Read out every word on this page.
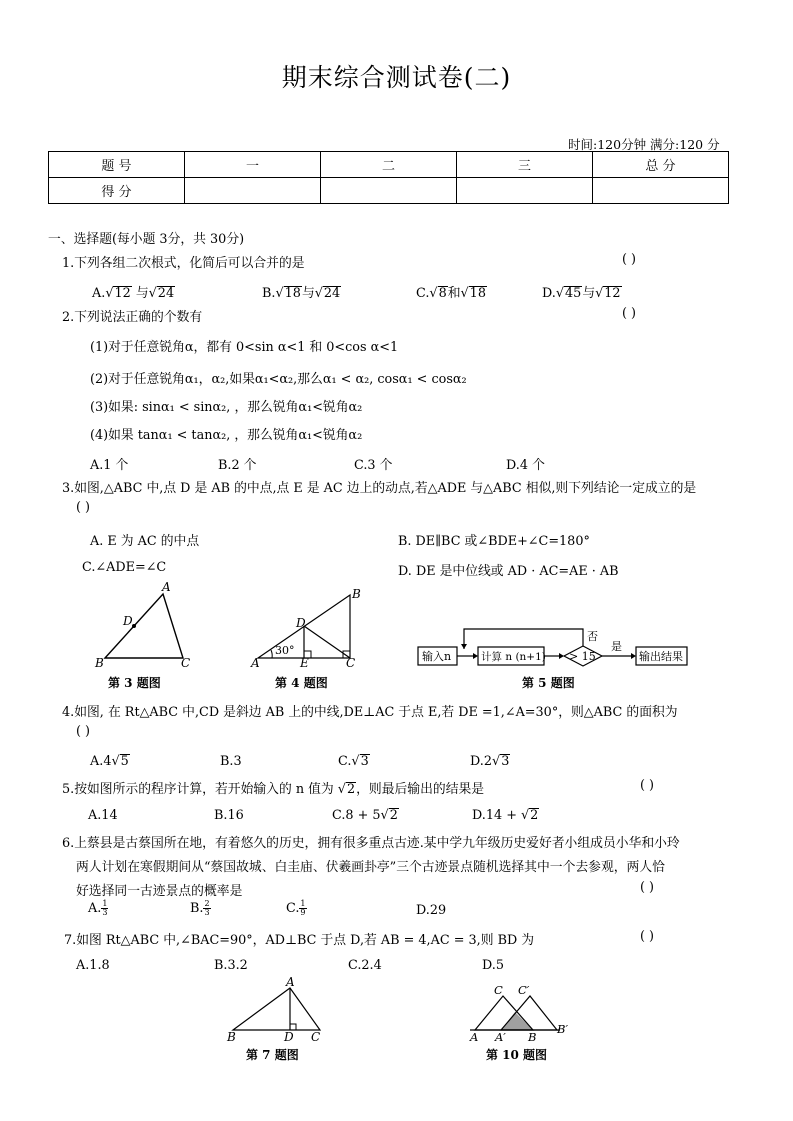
期末综合测试卷(二)
时间:120分钟 满分:120 分
题 号	一	二	三	总 分
得 分				
一、选择题(每小题 3分，共 30分)
1.下列各组二次根式，化简后可以合并的是	( )
A.√12 与√24	B.√18与√24	C.√8和√18	D.√45与√12
2.下列说法正确的个数有	( )
(1)对于任意锐角α，都有 0<sin α<1 和 0<cos α<1
(2)对于任意锐角α₁，α₂,如果α₁<α₂,那么α₁ < α₂, cosα₁ < cosα₂
(3)如果: sinα₁ < sinα₂, ，那么锐角α₁<锐角α₂
(4)如果 tanα₁ < tanα₂, ，那么锐角α₁<锐角α₂
A.1 个	B.2 个	C.3 个	D.4 个
3.如图,△ABC 中,点 D 是 AB 的中点,点 E 是 AC 边上的动点,若△ADE 与△ABC 相似,则下列结论一定成立的是
( )
A. E 为 AC 的中点	B. DE∥BC 或∠BDE+∠C=180°
C.∠ADE=∠C	D. DE 是中位线或 AD · AC=AE · AB
A
B	C
D
第 3 题图
30°
A
B
C
D
E
第 4 题图
输入n	计算 n (n+1) > 15
否
是
输出结果
第 5 题图
4.如图, 在 Rt△ABC 中,CD 是斜边 AB 上的中线,DE⊥AC 于点 E,若 DE =1,∠A=30°，则△ABC 的面积为
( )
A.4√5	B.3	C.√3	D.2√3
5.按如图所示的程序计算，若开始输入的 n 值为 √2，则最后输出的结果是	( )
A.14	B.16	C.8 + 5√2	D.14 + √2
6.上蔡县是古蔡国所在地，有着悠久的历史，拥有很多重点古迹.某中学九年级历史爱好者小组成员小华和小玲
两人计划在寒假期间从“蔡国故城、白圭庙、伏羲画卦亭”三个古迹景点随机选择其中一个去参观，两人恰
好选择同一古迹景点的概率是	( )
A. $\frac{1}{3}$	B. $\frac{2}{3}$	C. $\frac{1}{9}$	D.29
7.如图 Rt△ABC 中,∠BAC=90°，AD⊥BC 于点 D,若 AB = 4,AC = 3,则 BD 为	( )
A.1.8	B.3.2	C.2.4	D.5
A
B	D C
第 7 题图
C C′
A A′ B
B′
第 10 题图
